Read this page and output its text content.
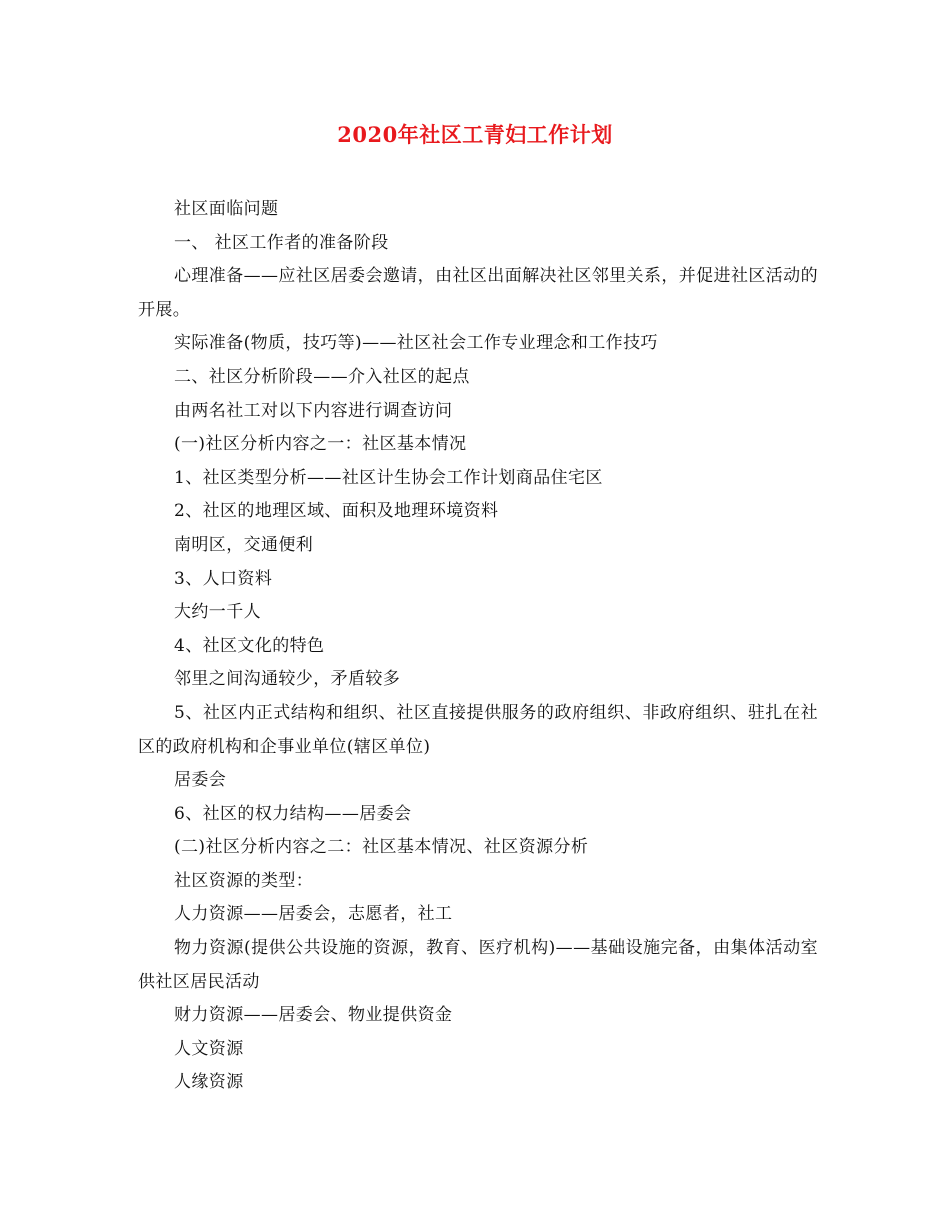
2020年社区工青妇工作计划

社区面临问题

一、 社区工作者的准备阶段

心理准备——应社区居委会邀请，由社区出面解决社区邻里关系，并促进社区活动的开展。

实际准备(物质，技巧等)——社区社会工作专业理念和工作技巧

二、社区分析阶段——介入社区的起点

由两名社工对以下内容进行调查访问

(一)社区分析内容之一：社区基本情况

1、社区类型分析——社区计生协会工作计划商品住宅区

2、社区的地理区域、面积及地理环境资料

南明区，交通便利

3、人口资料

大约一千人

4、社区文化的特色

邻里之间沟通较少，矛盾较多

5、社区内正式结构和组织、社区直接提供服务的政府组织、非政府组织、驻扎在社区的政府机构和企事业单位(辖区单位)

居委会

6、社区的权力结构——居委会

(二)社区分析内容之二：社区基本情况、社区资源分析

社区资源的类型：

人力资源——居委会，志愿者，社工

物力资源(提供公共设施的资源，教育、医疗机构)——基础设施完备，由集体活动室供社区居民活动

财力资源——居委会、物业提供资金

人文资源

人缘资源
